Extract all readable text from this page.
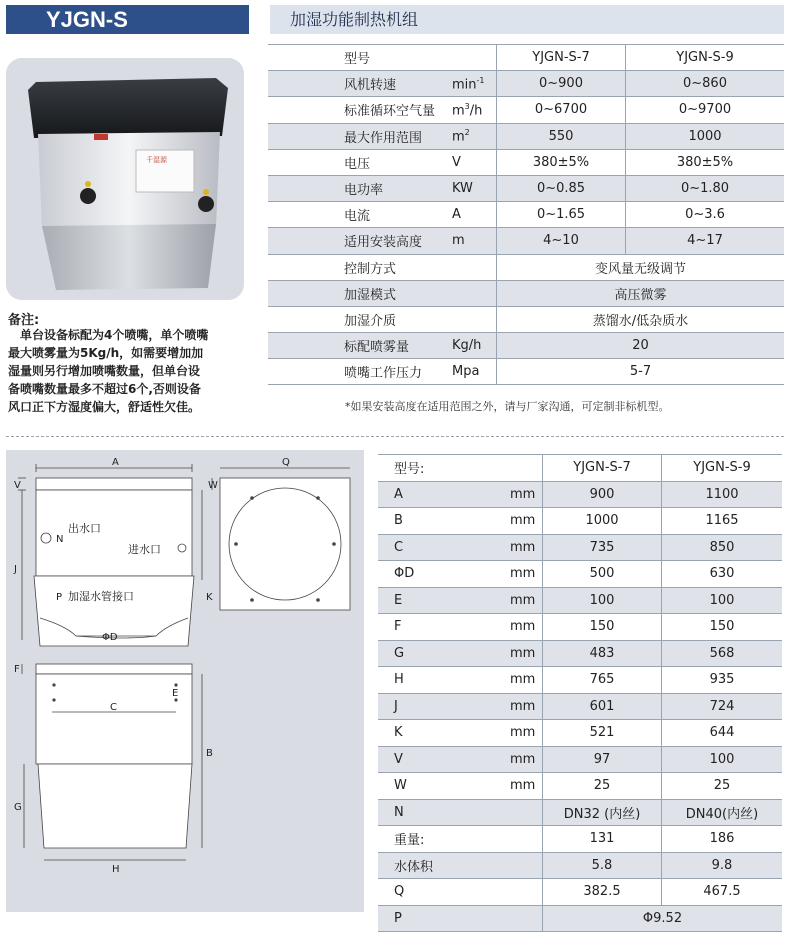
YJGN-S	加湿功能制热机组
千湿源
备注:
单台设备标配为4个喷嘴，单个喷嘴
最大喷雾量为5Kg/h，如需要增加加
湿量则另行增加喷嘴数量，但单台设
备喷嘴数量最多不超过6个,否则设备
风口正下方湿度偏大，舒适性欠佳。
型号		YJGN-S-7	YJGN-S-9
风机转速	$\min^{-1}$	0~900	0~860
标准循环空气量	$m^3/h$	0~6700	0~9700
最大作用范围	$m^2$	550	1000
电压	V	380±5%	380±5%
电功率	KW	0~0.85	0~1.80
电流	A	0~1.65	0~3.6
适用安装高度	m	4~10	4~17
控制方式		变风量无级调节	
加湿模式		高压微雾	
加湿介质		蒸馏水/低杂质水	
标配喷雾量	Kg/h	20	
喷嘴工作压力	Mpa	5-7	
*如果安装高度在适用范围之外，请与厂家沟通，可定制非标机型。
A
V	W
Q
J
K
N
P
ΦD
C
E
F
B
G
H
出水口
进水口
加湿水管接口
型号:		YJGN-S-7	YJGN-S-9
A	mm	900	1100
B	mm	1000	1165
C	mm	735	850
ΦD	mm	500	630
E	mm	100	100
F	mm	150	150
G	mm	483	568
H	mm	765	935
J	mm	601	724
K	mm	521	644
V	mm	97	100
W	mm	25	25
N		DN32 (内丝)	DN40(内丝)
重量:		131	186
水体积		5.8	9.8
Q		382.5	467.5
P		Φ9.52	
